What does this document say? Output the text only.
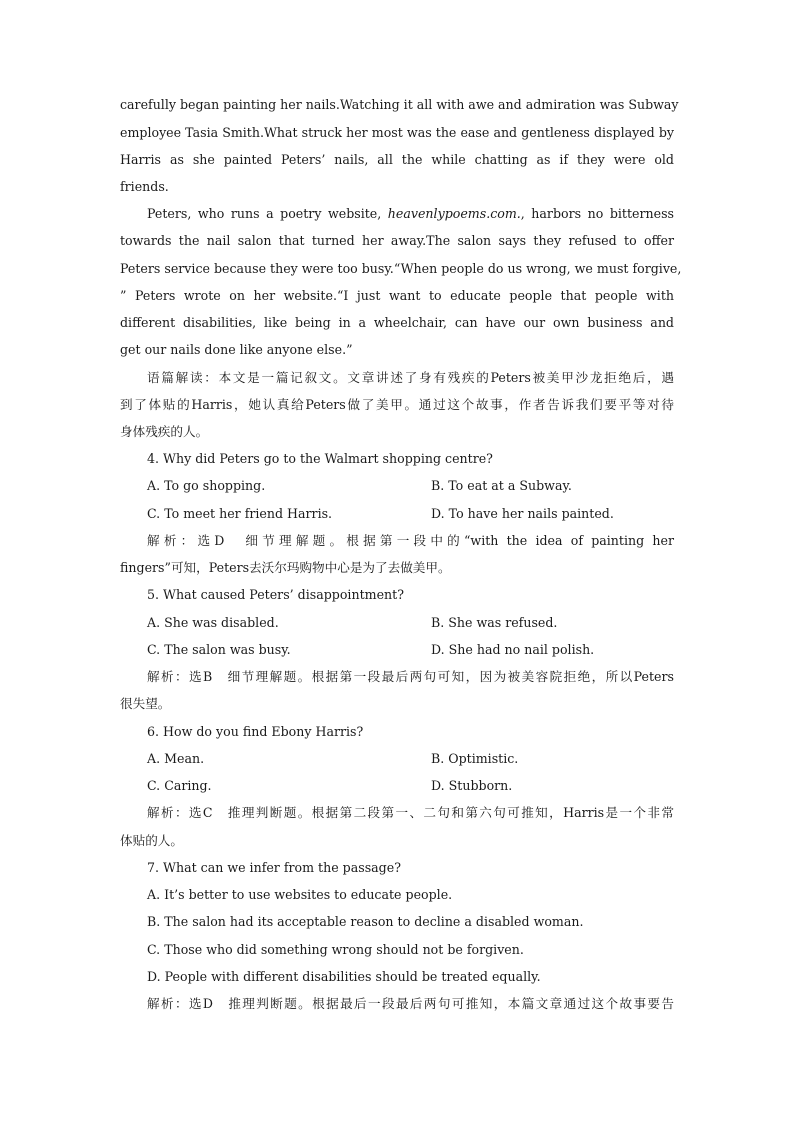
carefully began painting her nails.Watching it all with awe and admiration was Subway
employee Tasia Smith.What struck her most was the ease and gentleness displayed by
Harris as she painted Peters’ nails, all the while chatting as if they were old
friends.
Peters, who runs a poetry website, heavenlypoems.com., harbors no bitterness
towards the nail salon that turned her away.The salon says they refused to offer
Peters service because they were too busy.“When people do us wrong, we must forgive,
” Peters wrote on her website.“I just want to educate people that people with
different disabilities, like being in a wheelchair, can have our own business and
get our nails done like anyone else.”
语篇解读：本文是一篇记叙文。文章讲述了身有残疾的Peters被美甲沙龙拒绝后，遇
到了体贴的Harris，她认真给Peters做了美甲。通过这个故事，作者告诉我们要平等对待
身体残疾的人。
4. Why did Peters go to the Walmart shopping centre?
A. To go shopping.	B. To eat at a Subway.
C. To meet her friend Harris.	D. To have her nails painted.
解析：选D　细节理解题。根据第一段中的“with the idea of painting her
fingers”可知，Peters去沃尔玛购物中心是为了去做美甲。
5. What caused Peters’ disappointment?
A. She was disabled.	B. She was refused.
C. The salon was busy.	D. She had no nail polish.
解析：选B　细节理解题。根据第一段最后两句可知，因为被美容院拒绝，所以Peters
很失望。
6. How do you find Ebony Harris?
A. Mean.	B. Optimistic.
C. Caring.	D. Stubborn.
解析：选C　推理判断题。根据第二段第一、二句和第六句可推知，Harris是一个非常
体贴的人。
7. What can we infer from the passage?
A. It’s better to use websites to educate people.
B. The salon had its acceptable reason to decline a disabled woman.
C. Those who did something wrong should not be forgiven.
D. People with different disabilities should be treated equally.
解析：选D　推理判断题。根据最后一段最后两句可推知，本篇文章通过这个故事要告
